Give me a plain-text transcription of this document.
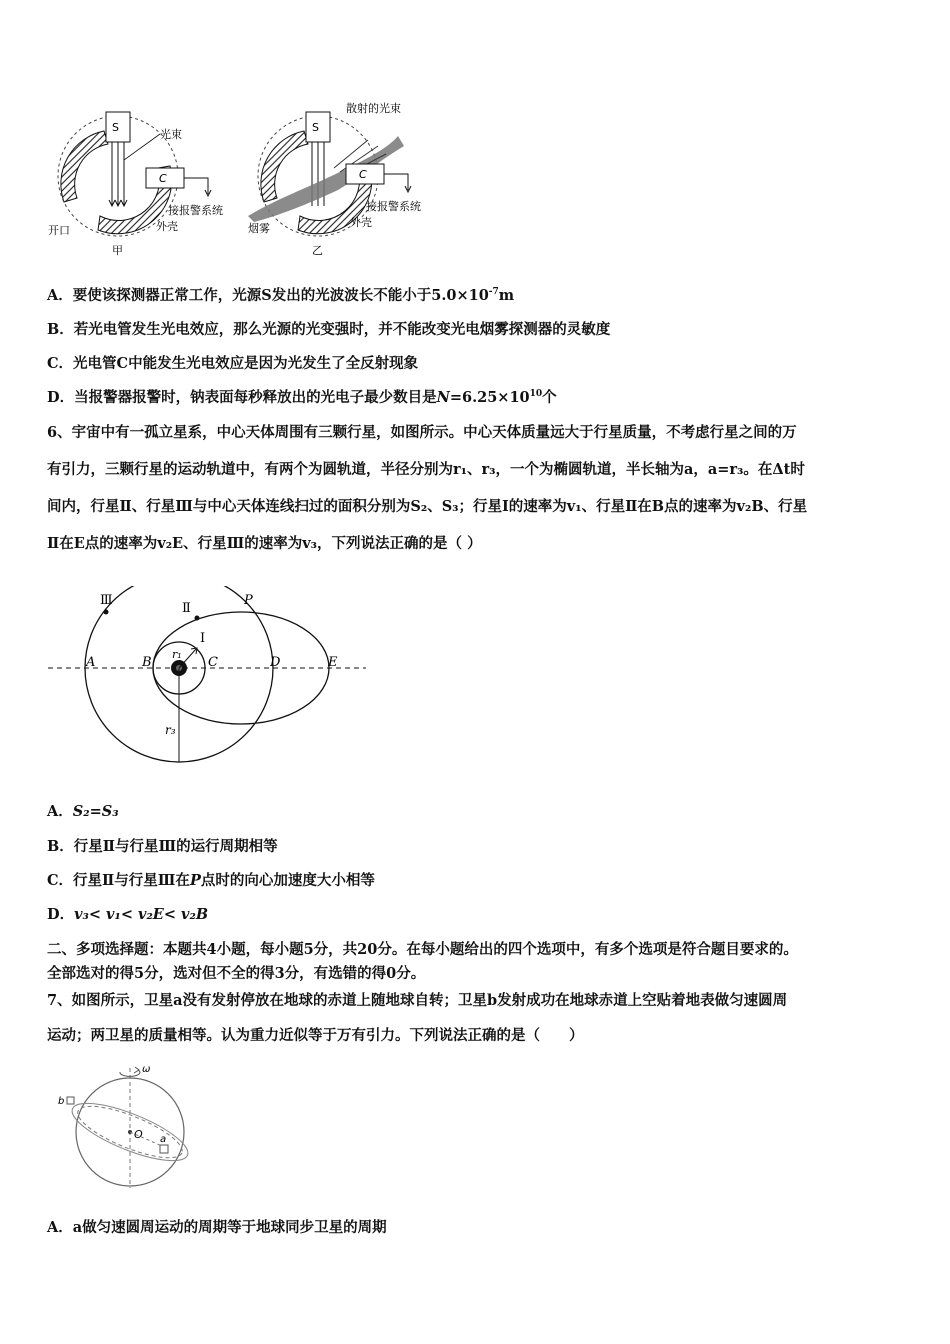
S
光束
C
接报警系统
外壳
开口
甲
S
散射的光束
C
接报警系统
外壳
烟雾
乙
A．要使该探测器正常工作，光源S发出的光波波长不能小于$5.0\times 10^{-7}m$
B．若光电管发生光电效应，那么光源的光变强时，并不能改变光电烟雾探测器的灵敏度
C．光电管C中能发生光电效应是因为光发生了全反射现象
D．当报警器报警时，钠表面每秒释放出的光电子最少数目是$N=6.25\times 10^{10}$个
6、宇宙中有一孤立星系，中心天体周围有三颗行星，如图所示。中心天体质量远大于行星质量，不考虑行星之间的万
有引力，三颗行星的运动轨道中，有两个为圆轨道，半径分别为r₁、r₃，一个为椭圆轨道，半长轴为a，a=r₃。在Δt时
间内，行星Ⅱ、行星Ⅲ与中心天体连线扫过的面积分别为S₂、S₃；行星Ⅰ的速率为v₁、行星Ⅱ在B点的速率为v₂B、行星
Ⅱ在E点的速率为v₂E、行星Ⅲ的速率为v₃，下列说法正确的是（ ）
Ⅲ
Ⅱ
Ⅰ
P
A	B	C	D	E
r₁
r₃
A．S₂=S₃
B．行星Ⅱ与行星Ⅲ的运行周期相等
C．行星Ⅱ与行星Ⅲ在P点时的向心加速度大小相等
D．v₃< v₁< v₂E< v₂B
二、多项选择题：本题共4小题，每小题5分，共20分。在每小题给出的四个选项中，有多个选项是符合题目要求的。
全部选对的得5分，选对但不全的得3分，有选错的得0分。
7、如图所示，卫星a没有发射停放在地球的赤道上随地球自转；卫星b发射成功在地球赤道上空贴着地表做匀速圆周
运动；两卫星的质量相等。认为重力近似等于万有引力。下列说法正确的是（　　）
ω
b
O a
A．a做匀速圆周运动的周期等于地球同步卫星的周期
